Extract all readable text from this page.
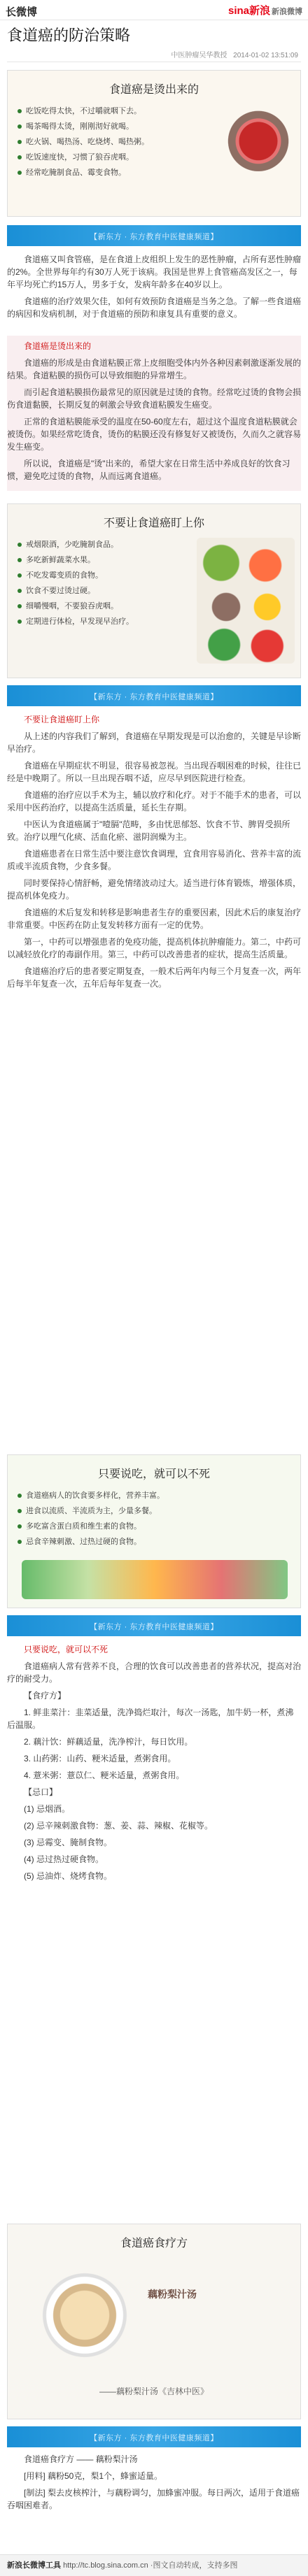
长微博	sina新浪 新浪微博
食道癌的防治策略
中医肿瘤吴华教授 2014-01-02 13:51:09
食道癌是烫出来的
吃饭吃得太快，不过嚼就咽下去。
喝茶喝得太烫，刚刚沏好就喝。
吃火锅、喝热汤、吃烧烤、喝热粥。
吃饭速度快，习惯了狼吞虎咽。
经常吃腌制食品、霉变食物。
【新东方 · 东方教育中医健康频道】

食道癌又叫食管癌，是在食道上皮组织上发生的恶性肿瘤，占所有恶性肿瘤的2%。全世界每年约有30万人死于该病。我国是世界上食管癌高发区之一，每年平均死亡约15万人，男多于女，发病年龄多在40岁以上。

食道癌的治疗效果欠佳，如何有效预防食道癌是当务之急。了解一些食道癌的病因和发病机制，对于食道癌的预防和康复具有重要的意义。

食道癌是烫出来的

食道癌的形成是由食道粘膜正常上皮细胞受体内外各种因素刺激逐渐发展的结果。食道粘膜的损伤可以导致细胞的异常增生。

而引起食道粘膜损伤最常见的原因就是过烫的食物。经常吃过烫的食物会损伤食道黏膜，长期反复的刺激会导致食道粘膜发生癌变。

正常的食道粘膜能承受的温度在50-60度左右，超过这个温度食道粘膜就会被烫伤。如果经常吃烫食，烫伤的粘膜还没有修复好又被烫伤，久而久之就容易发生癌变。

所以说，食道癌是"烫"出来的，希望大家在日常生活中养成良好的饮食习惯，避免吃过烫的食物，从而远离食道癌。

不要让食道癌盯上你
戒烟限酒，少吃腌制食品。
多吃新鲜蔬菜水果。
不吃发霉变质的食物。
饮食不要过烫过硬。
细嚼慢咽，不要狼吞虎咽。
定期进行体检，早发现早治疗。
【新东方 · 东方教育中医健康频道】

不要让食道癌盯上你

从上述的内容我们了解到，食道癌在早期发现是可以治愈的，关键是早诊断早治疗。

食道癌在早期症状不明显，很容易被忽视。当出现吞咽困难的时候，往往已经是中晚期了。所以一旦出现吞咽不适，应尽早到医院进行检查。

食道癌的治疗应以手术为主，辅以放疗和化疗。对于不能手术的患者，可以采用中医药治疗，以提高生活质量，延长生存期。

中医认为食道癌属于"噎膈"范畴，多由忧思郁怒、饮食不节、脾胃受损所致。治疗以理气化痰、活血化瘀、滋阴润燥为主。

食道癌患者在日常生活中要注意饮食调理，宜食用容易消化、营养丰富的流质或半流质食物，少食多餐。

同时要保持心情舒畅，避免情绪波动过大。适当进行体育锻炼，增强体质，提高机体免疫力。

食道癌的术后复发和转移是影响患者生存的重要因素，因此术后的康复治疗非常重要。中医药在防止复发转移方面有一定的优势。

第一，中药可以增强患者的免疫功能，提高机体抗肿瘤能力。第二，中药可以减轻放化疗的毒副作用。第三，中药可以改善患者的症状，提高生活质量。

食道癌治疗后的患者要定期复查，一般术后两年内每三个月复查一次，两年后每半年复查一次，五年后每年复查一次。

只要说吃，就可以不死
食道癌病人的饮食要多样化，营养丰富。
进食以流质、半流质为主，少量多餐。
多吃富含蛋白质和维生素的食物。
忌食辛辣刺激、过热过硬的食物。
【新东方 · 东方教育中医健康频道】

只要说吃，就可以不死

食道癌病人常有营养不良，合理的饮食可以改善患者的营养状况，提高对治疗的耐受力。

【食疗方】

1. 鲜韭菜汁：韭菜适量，洗净捣烂取汁，每次一汤匙，加牛奶一杯，煮沸后温服。

2. 藕汁饮：鲜藕适量，洗净榨汁，每日饮用。

3. 山药粥：山药、粳米适量，煮粥食用。

4. 薏米粥：薏苡仁、粳米适量，煮粥食用。

【忌口】

(1) 忌烟酒。

(2) 忌辛辣刺激食物：葱、姜、蒜、辣椒、花椒等。

(3) 忌霉变、腌制食物。

(4) 忌过热过硬食物。

(5) 忌油炸、烧烤食物。

食道癌食疗方
藕粉梨汁汤
——藕粉梨汁汤《吉林中医》
【新东方 · 东方教育中医健康频道】

食道癌食疗方 —— 藕粉梨汁汤

[用料] 藕粉50克，梨1个，蜂蜜适量。

[制法] 梨去皮核榨汁，与藕粉调匀，加蜂蜜冲服。每日两次，适用于食道癌吞咽困难者。

新浪长微博工具 http://tc.blog.sina.com.cn ·图文自动转成，支持多图
